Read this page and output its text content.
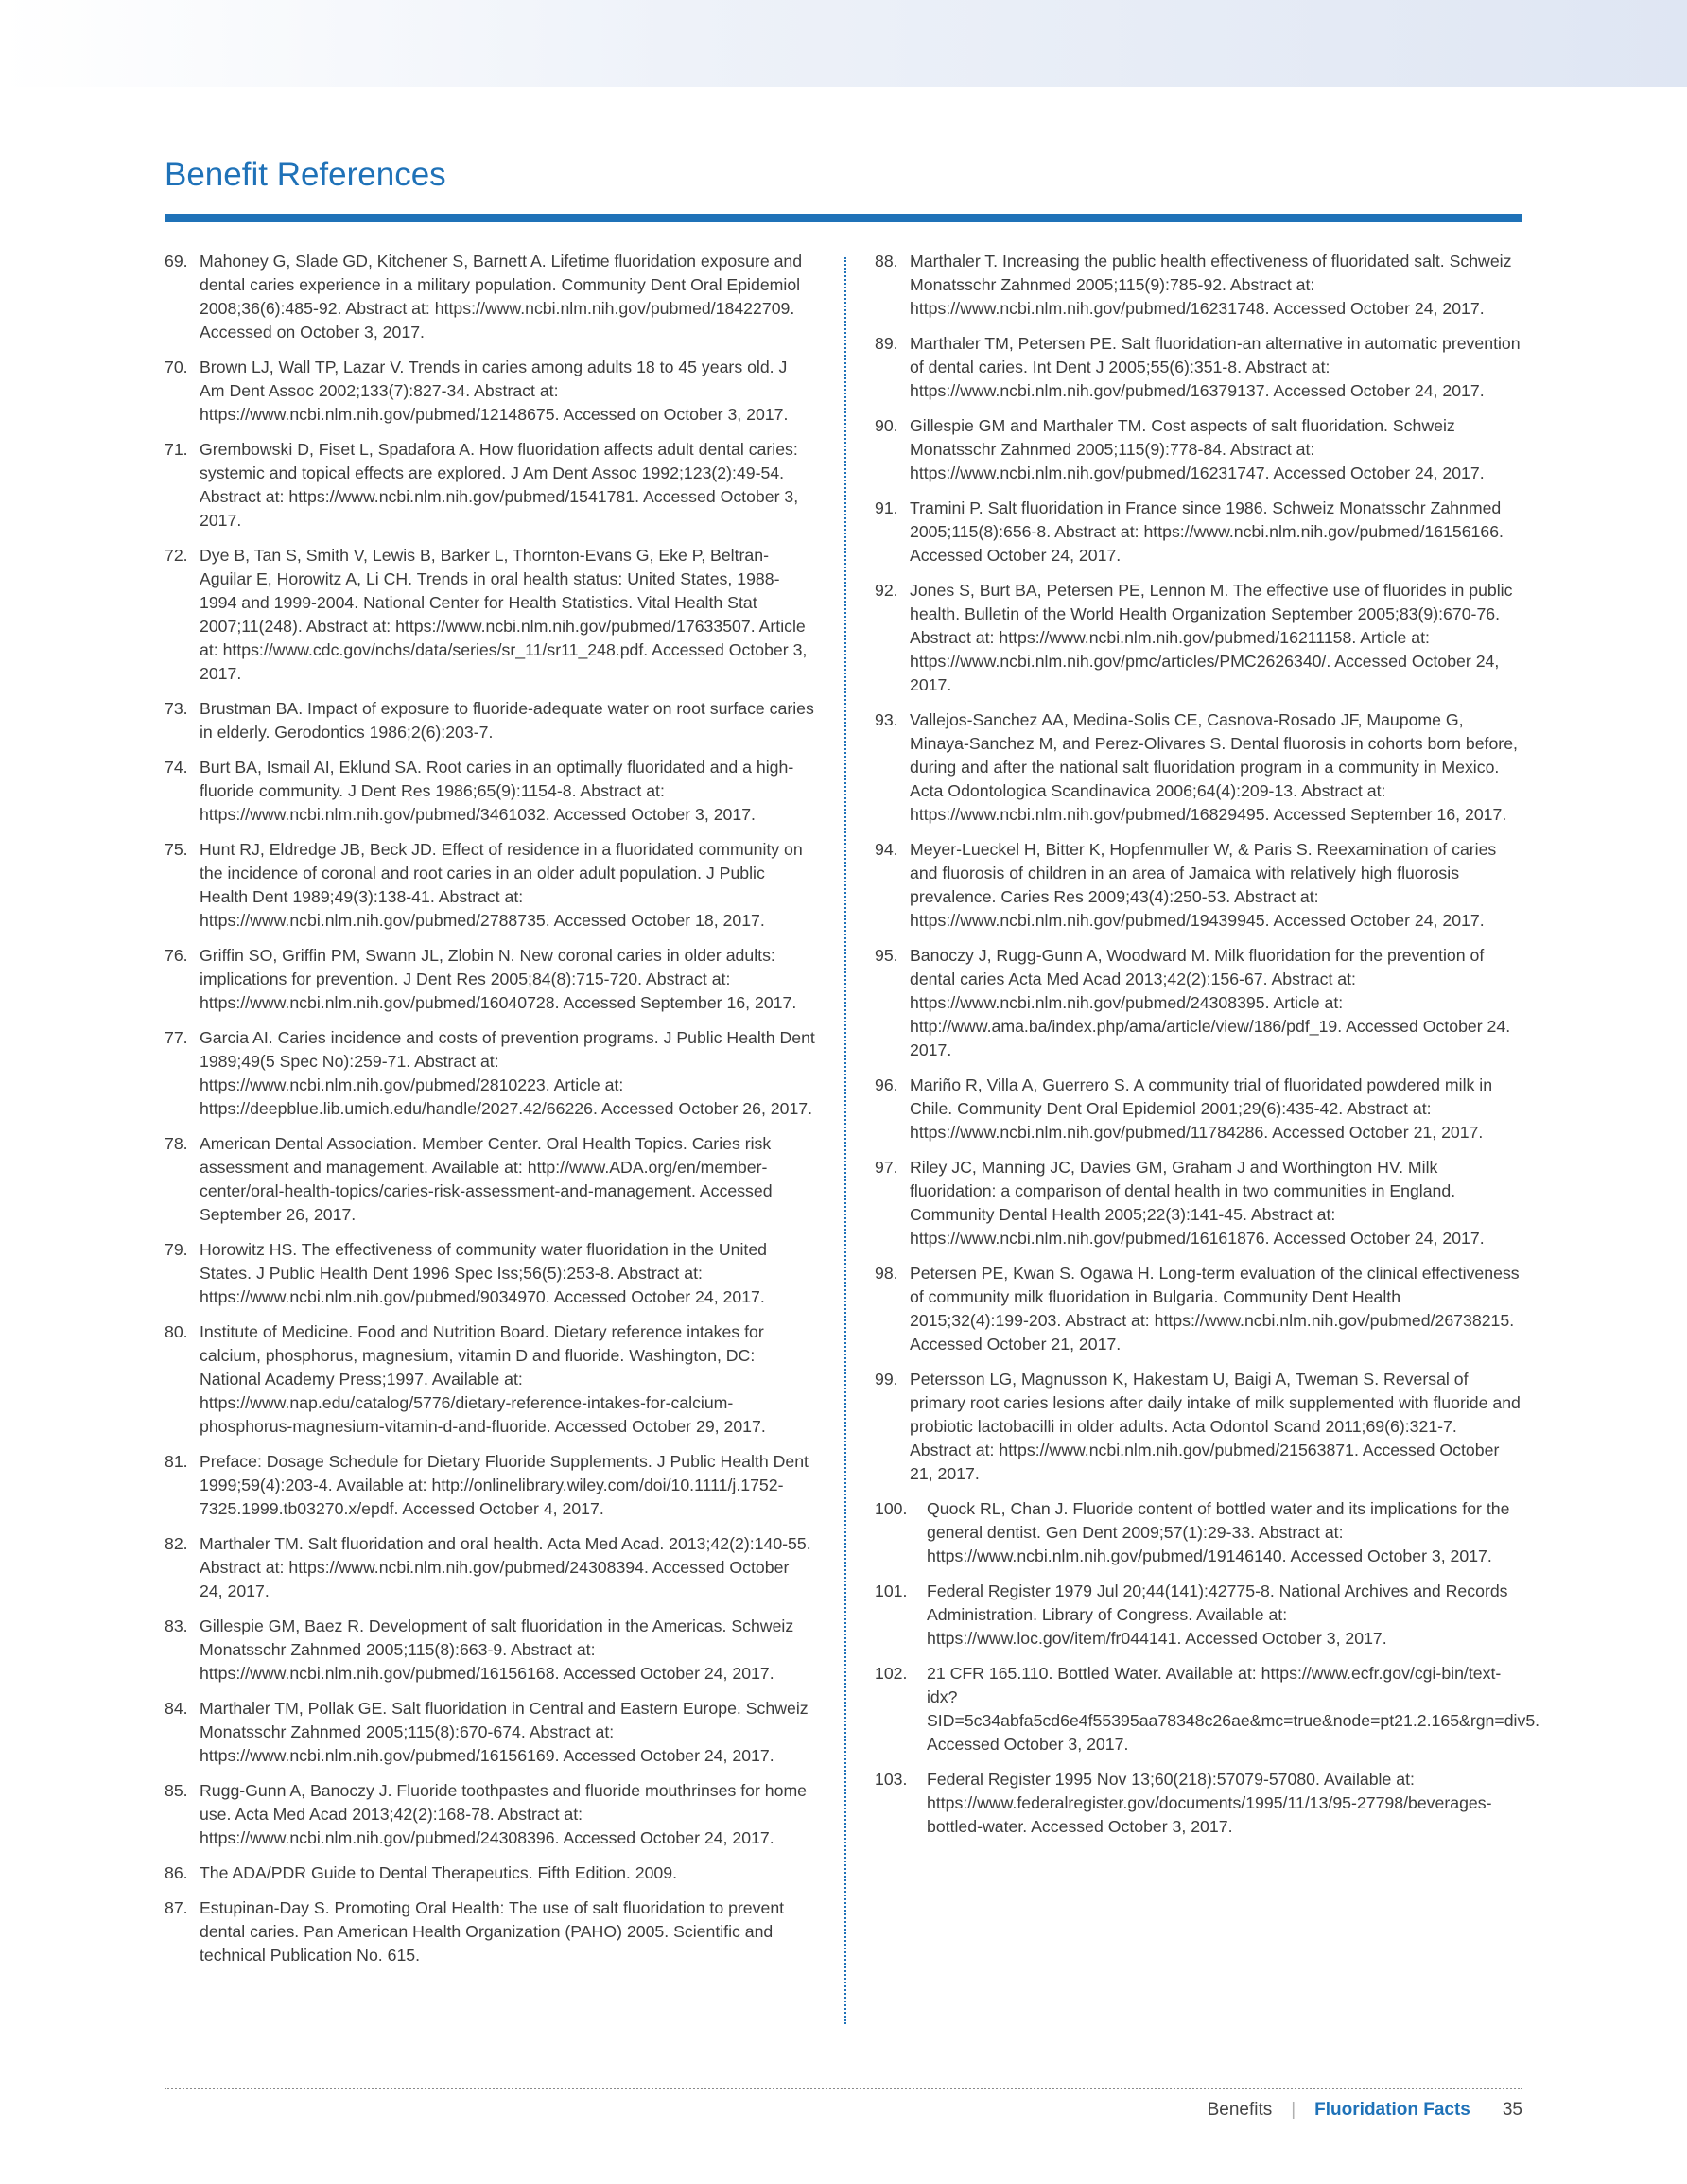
Benefit References
69. Mahoney G, Slade GD, Kitchener S, Barnett A. Lifetime fluoridation exposure and dental caries experience in a military population. Community Dent Oral Epidemiol 2008;36(6):485-92. Abstract at: https://www.ncbi.nlm.nih.gov/pubmed/18422709. Accessed on October 3, 2017.
70. Brown LJ, Wall TP, Lazar V. Trends in caries among adults 18 to 45 years old. J Am Dent Assoc 2002;133(7):827-34. Abstract at: https://www.ncbi.nlm.nih.gov/pubmed/12148675. Accessed on October 3, 2017.
71. Grembowski D, Fiset L, Spadafora A. How fluoridation affects adult dental caries: systemic and topical effects are explored. J Am Dent Assoc 1992;123(2):49-54. Abstract at: https://www.ncbi.nlm.nih.gov/pubmed/1541781. Accessed October 3, 2017.
72. Dye B, Tan S, Smith V, Lewis B, Barker L, Thornton-Evans G, Eke P, Beltran-Aguilar E, Horowitz A, Li CH. Trends in oral health status: United States, 1988-1994 and 1999-2004. National Center for Health Statistics. Vital Health Stat 2007;11(248). Abstract at: https://www.ncbi.nlm.nih.gov/pubmed/17633507. Article at: https://www.cdc.gov/nchs/data/series/sr_11/sr11_248.pdf. Accessed October 3, 2017.
73. Brustman BA. Impact of exposure to fluoride-adequate water on root surface caries in elderly. Gerodontics 1986;2(6):203-7.
74. Burt BA, Ismail AI, Eklund SA. Root caries in an optimally fluoridated and a high-fluoride community. J Dent Res 1986;65(9):1154-8. Abstract at: https://www.ncbi.nlm.nih.gov/pubmed/3461032. Accessed October 3, 2017.
75. Hunt RJ, Eldredge JB, Beck JD. Effect of residence in a fluoridated community on the incidence of coronal and root caries in an older adult population. J Public Health Dent 1989;49(3):138-41. Abstract at: https://www.ncbi.nlm.nih.gov/pubmed/2788735. Accessed October 18, 2017.
76. Griffin SO, Griffin PM, Swann JL, Zlobin N. New coronal caries in older adults: implications for prevention. J Dent Res 2005;84(8):715-720. Abstract at: https://www.ncbi.nlm.nih.gov/pubmed/16040728. Accessed September 16, 2017.
77. Garcia AI. Caries incidence and costs of prevention programs. J Public Health Dent 1989;49(5 Spec No):259-71. Abstract at: https://www.ncbi.nlm.nih.gov/pubmed/2810223. Article at: https://deepblue.lib.umich.edu/handle/2027.42/66226. Accessed October 26, 2017.
78. American Dental Association. Member Center. Oral Health Topics. Caries risk assessment and management. Available at: http://www.ADA.org/en/member-center/oral-health-topics/caries-risk-assessment-and-management. Accessed September 26, 2017.
79. Horowitz HS. The effectiveness of community water fluoridation in the United States. J Public Health Dent 1996 Spec Iss;56(5):253-8. Abstract at: https://www.ncbi.nlm.nih.gov/pubmed/9034970. Accessed October 24, 2017.
80. Institute of Medicine. Food and Nutrition Board. Dietary reference intakes for calcium, phosphorus, magnesium, vitamin D and fluoride. Washington, DC: National Academy Press;1997. Available at: https://www.nap.edu/catalog/5776/dietary-reference-intakes-for-calcium-phosphorus-magnesium-vitamin-d-and-fluoride. Accessed October 29, 2017.
81. Preface: Dosage Schedule for Dietary Fluoride Supplements. J Public Health Dent 1999;59(4):203-4. Available at: http://onlinelibrary.wiley.com/doi/10.1111/j.1752-7325.1999.tb03270.x/epdf. Accessed October 4, 2017.
82. Marthaler TM. Salt fluoridation and oral health. Acta Med Acad. 2013;42(2):140-55. Abstract at: https://www.ncbi.nlm.nih.gov/pubmed/24308394. Accessed October 24, 2017.
83. Gillespie GM, Baez R. Development of salt fluoridation in the Americas. Schweiz Monatsschr Zahnmed 2005;115(8):663-9. Abstract at: https://www.ncbi.nlm.nih.gov/pubmed/16156168. Accessed October 24, 2017.
84. Marthaler TM, Pollak GE. Salt fluoridation in Central and Eastern Europe. Schweiz Monatsschr Zahnmed 2005;115(8):670-674. Abstract at: https://www.ncbi.nlm.nih.gov/pubmed/16156169. Accessed October 24, 2017.
85. Rugg-Gunn A, Banoczy J. Fluoride toothpastes and fluoride mouthrinses for home use. Acta Med Acad 2013;42(2):168-78. Abstract at: https://www.ncbi.nlm.nih.gov/pubmed/24308396. Accessed October 24, 2017.
86. The ADA/PDR Guide to Dental Therapeutics. Fifth Edition. 2009.
87. Estupinan-Day S. Promoting Oral Health: The use of salt fluoridation to prevent dental caries. Pan American Health Organization (PAHO) 2005. Scientific and technical Publication No. 615.
88. Marthaler T. Increasing the public health effectiveness of fluoridated salt. Schweiz Monatsschr Zahnmed 2005;115(9):785-92. Abstract at: https://www.ncbi.nlm.nih.gov/pubmed/16231748. Accessed October 24, 2017.
89. Marthaler TM, Petersen PE. Salt fluoridation-an alternative in automatic prevention of dental caries. Int Dent J 2005;55(6):351-8. Abstract at: https://www.ncbi.nlm.nih.gov/pubmed/16379137. Accessed October 24, 2017.
90. Gillespie GM and Marthaler TM. Cost aspects of salt fluoridation. Schweiz Monatsschr Zahnmed 2005;115(9):778-84. Abstract at: https://www.ncbi.nlm.nih.gov/pubmed/16231747. Accessed October 24, 2017.
91. Tramini P. Salt fluoridation in France since 1986. Schweiz Monatsschr Zahnmed 2005;115(8):656-8. Abstract at: https://www.ncbi.nlm.nih.gov/pubmed/16156166. Accessed October 24, 2017.
92. Jones S, Burt BA, Petersen PE, Lennon M. The effective use of fluorides in public health. Bulletin of the World Health Organization September 2005;83(9):670-76. Abstract at: https://www.ncbi.nlm.nih.gov/pubmed/16211158. Article at: https://www.ncbi.nlm.nih.gov/pmc/articles/PMC2626340/. Accessed October 24, 2017.
93. Vallejos-Sanchez AA, Medina-Solis CE, Casnova-Rosado JF, Maupome G, Minaya-Sanchez M, and Perez-Olivares S. Dental fluorosis in cohorts born before, during and after the national salt fluoridation program in a community in Mexico. Acta Odontologica Scandinavica 2006;64(4):209-13. Abstract at: https://www.ncbi.nlm.nih.gov/pubmed/16829495. Accessed September 16, 2017.
94. Meyer-Lueckel H, Bitter K, Hopfenmuller W, & Paris S. Reexamination of caries and fluorosis of children in an area of Jamaica with relatively high fluorosis prevalence. Caries Res 2009;43(4):250-53. Abstract at: https://www.ncbi.nlm.nih.gov/pubmed/19439945. Accessed October 24, 2017.
95. Banoczy J, Rugg-Gunn A, Woodward M. Milk fluoridation for the prevention of dental caries Acta Med Acad 2013;42(2):156-67. Abstract at: https://www.ncbi.nlm.nih.gov/pubmed/24308395. Article at: http://www.ama.ba/index.php/ama/article/view/186/pdf_19. Accessed October 24. 2017.
96. Mariño R, Villa A, Guerrero S. A community trial of fluoridated powdered milk in Chile. Community Dent Oral Epidemiol 2001;29(6):435-42. Abstract at: https://www.ncbi.nlm.nih.gov/pubmed/11784286. Accessed October 21, 2017.
97. Riley JC, Manning JC, Davies GM, Graham J and Worthington HV. Milk fluoridation: a comparison of dental health in two communities in England. Community Dental Health 2005;22(3):141-45. Abstract at: https://www.ncbi.nlm.nih.gov/pubmed/16161876. Accessed October 24, 2017.
98. Petersen PE, Kwan S. Ogawa H. Long-term evaluation of the clinical effectiveness of community milk fluoridation in Bulgaria. Community Dent Health 2015;32(4):199-203. Abstract at: https://www.ncbi.nlm.nih.gov/pubmed/26738215. Accessed October 21, 2017.
99. Petersson LG, Magnusson K, Hakestam U, Baigi A, Tweman S. Reversal of primary root caries lesions after daily intake of milk supplemented with fluoride and probiotic lactobacilli in older adults. Acta Odontol Scand 2011;69(6):321-7. Abstract at: https://www.ncbi.nlm.nih.gov/pubmed/21563871. Accessed October 21, 2017.
100. Quock RL, Chan J. Fluoride content of bottled water and its implications for the general dentist. Gen Dent 2009;57(1):29-33. Abstract at: https://www.ncbi.nlm.nih.gov/pubmed/19146140. Accessed October 3, 2017.
101. Federal Register 1979 Jul 20;44(141):42775-8. National Archives and Records Administration. Library of Congress. Available at: https://www.loc.gov/item/fr044141. Accessed October 3, 2017.
102. 21 CFR 165.110. Bottled Water. Available at: https://www.ecfr.gov/cgi-bin/text-idx?SID=5c34abfa5cd6e4f55395aa78348c26ae&mc=true&node=pt21.2.165&rgn=div5. Accessed October 3, 2017.
103. Federal Register 1995 Nov 13;60(218):57079-57080. Available at: https://www.federalregister.gov/documents/1995/11/13/95-27798/beverages-bottled-water. Accessed October 3, 2017.
Benefits | Fluoridation Facts 35
